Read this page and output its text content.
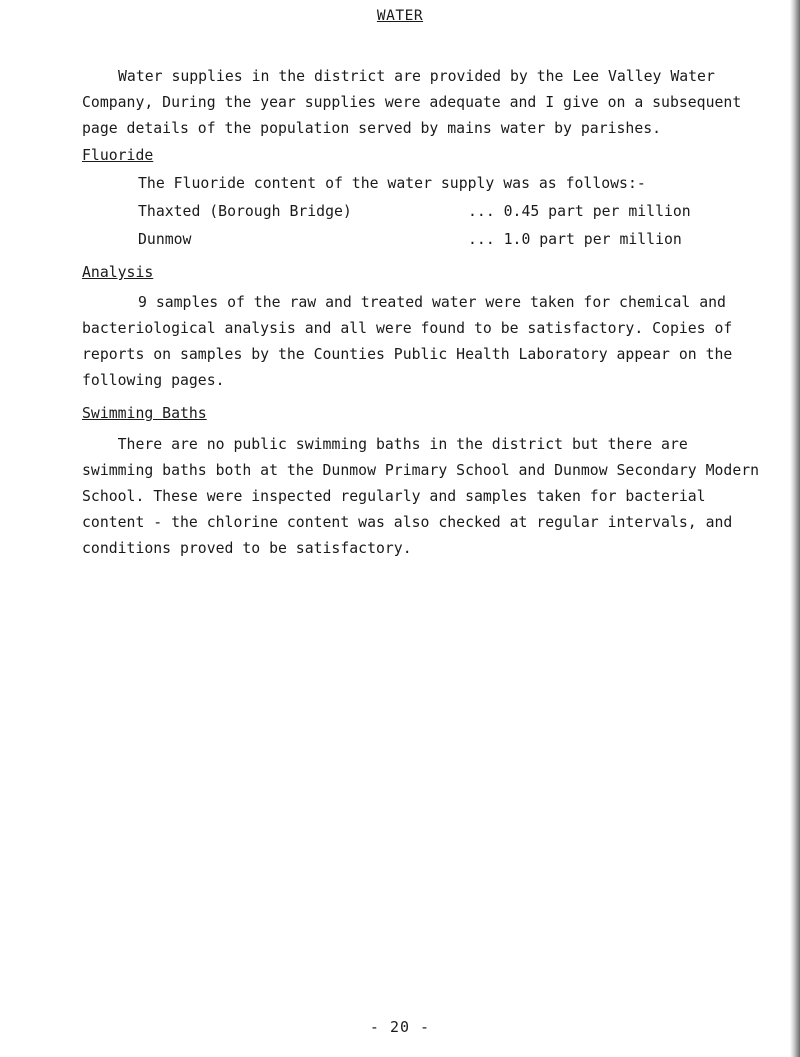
WATER

Water supplies in the district are provided by the Lee Valley Water
Company, During the year supplies were adequate and I give on a subsequent
page details of the population served by mains water by parishes.

Fluoride

The Fluoride content of the water supply was as follows:-

Thaxted (Borough Bridge)	... 0.45 part per million

Dunmow	... 1.0 part per million

Analysis

9 samples of the raw and treated water were taken for chemical and
bacteriological analysis and all were found to be satisfactory. Copies of
reports on samples by the Counties Public Health Laboratory appear on the
following pages.

Swimming Baths

There are no public swimming baths in the district but there are
swimming baths both at the Dunmow Primary School and Dunmow Secondary Modern
School. These were inspected regularly and samples taken for bacterial
content - the chlorine content was also checked at regular intervals, and
conditions proved to be satisfactory.

- 20 -
